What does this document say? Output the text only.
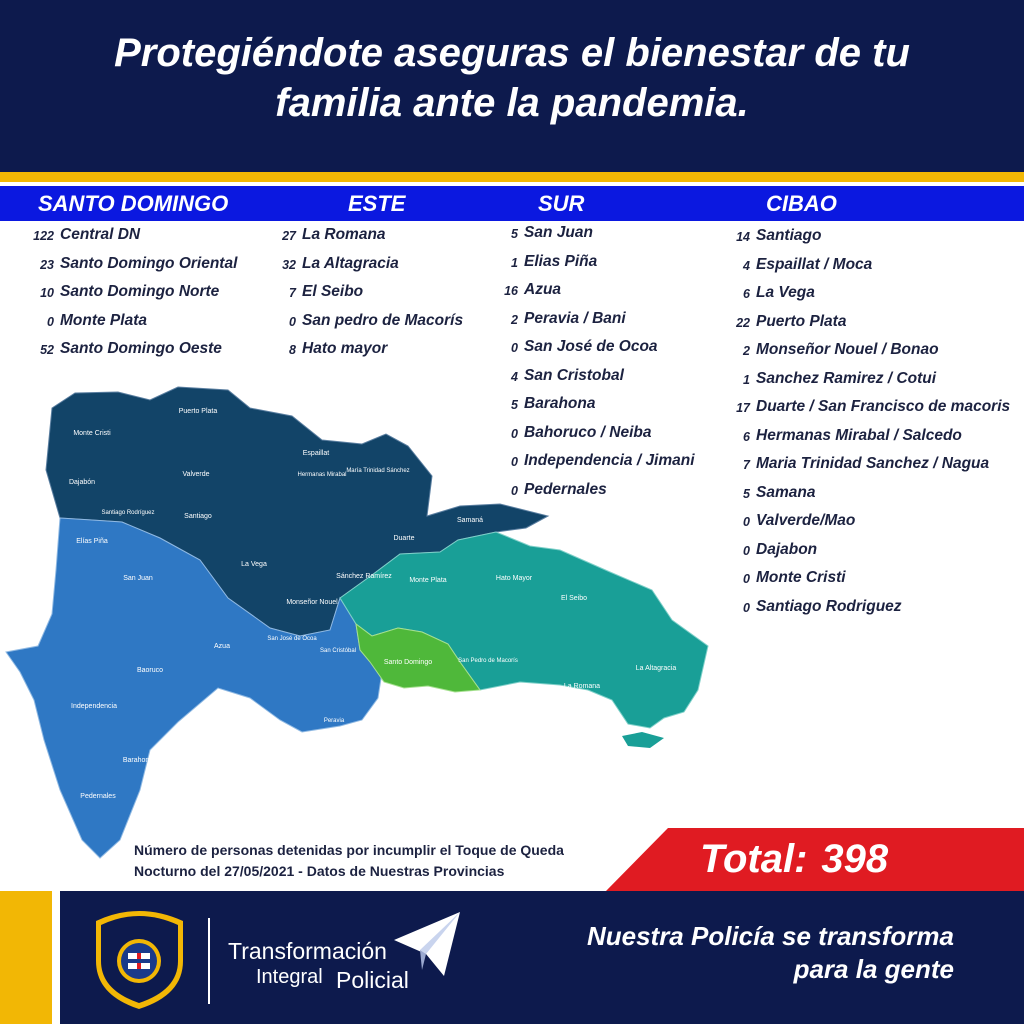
Protegiéndote aseguras el bienestar de tu
familia ante la pandemia.
SANTO DOMINGO	ESTE	SUR	CIBAO
122 Central DN
23 Santo Domingo Oriental
10 Santo Domingo Norte
0 Monte Plata
52 Santo Domingo Oeste
27 La Romana
32 La Altagracia
7 El Seibo
0 San pedro de Macorís
8 Hato mayor
5 San Juan
1 Elias Piña
16 Azua
2 Peravia / Bani
0 San José de Ocoa
4 San Cristobal
5 Barahona
0 Bahoruco / Neiba
0 Independencia / Jimani
0 Pedernales
14 Santiago
4 Espaillat / Moca
6 La Vega
22 Puerto Plata
2 Monseñor Nouel / Bonao
1 Sanchez Ramirez / Cotui
17 Duarte / San Francisco de macoris
6 Hermanas Mirabal / Salcedo
7 Maria Trinidad Sanchez / Nagua
5 Samana
0 Valverde/Mao
0 Dajabon
0 Monte Cristi
0 Santiago Rodriguez
Monte Cristi
Puerto Plata
Dajabón
Valverde
Santiago Rodríguez	Santiago
Espaillat
Hermanas Mirabal
María Trinidad Sánchez
Samaná
Duarte
La Vega
Sánchez Ramírez
Monseñor Nouel
Elías Piña
San Juan
Azua
Baoruco
Independencia
Barahona
Pedernales
San José de Ocoa
San Cristóbal
Peravia
Monte Plata	Hato Mayor
El Seibo
Santo Domingo	San Pedro de Macorís
La Romana
La Altagracia
Número de personas detenidas por incumplir el Toque de Queda
Nocturno del 27/05/2021 - Datos de Nuestras Provincias	Total: 398
Transformación
Integral Policial
Nuestra Policía se transforma
para la gente
